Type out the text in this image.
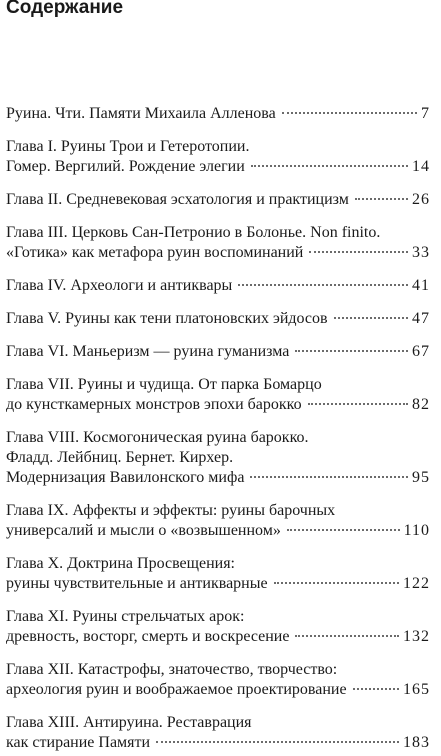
Содержание
Руина. Чти. Памяти Михаила Алленова	7
Глава I. Руины Трои и Гетеротопии.
Гомер. Вергилий. Рождение элегии	14
Глава II. Средневековая эсхатология и практицизм	26
Глава III. Церковь Сан-Петронио в Болонье. Non finito.
«Готика» как метафора руин воспоминаний	33
Глава IV. Археологи и антиквары	41
Глава V. Руины как тени платоновских эйдосов	47
Глава VI. Маньеризм — руина гуманизма	67
Глава VII. Руины и чудища. От парка Бомарцо
до кунсткамерных монстров эпохи барокко	82
Глава VIII. Космогоническая руина барокко.
Фладд. Лейбниц. Бернет. Кирхер.
Модернизация Вавилонского мифа	95
Глава IX. Аффекты и эффекты: руины барочных
универсалий и мысли о «возвышенном»	110
Глава X. Доктрина Просвещения:
руины чувствительные и антикварные	122
Глава XI. Руины стрельчатых арок:
древность, восторг, смерть и воскресение	132
Глава XII. Катастрофы, знаточество, творчество:
археология руин и воображаемое проектирование	165
Глава XIII. Антируина. Реставрация
как стирание Памяти	183
